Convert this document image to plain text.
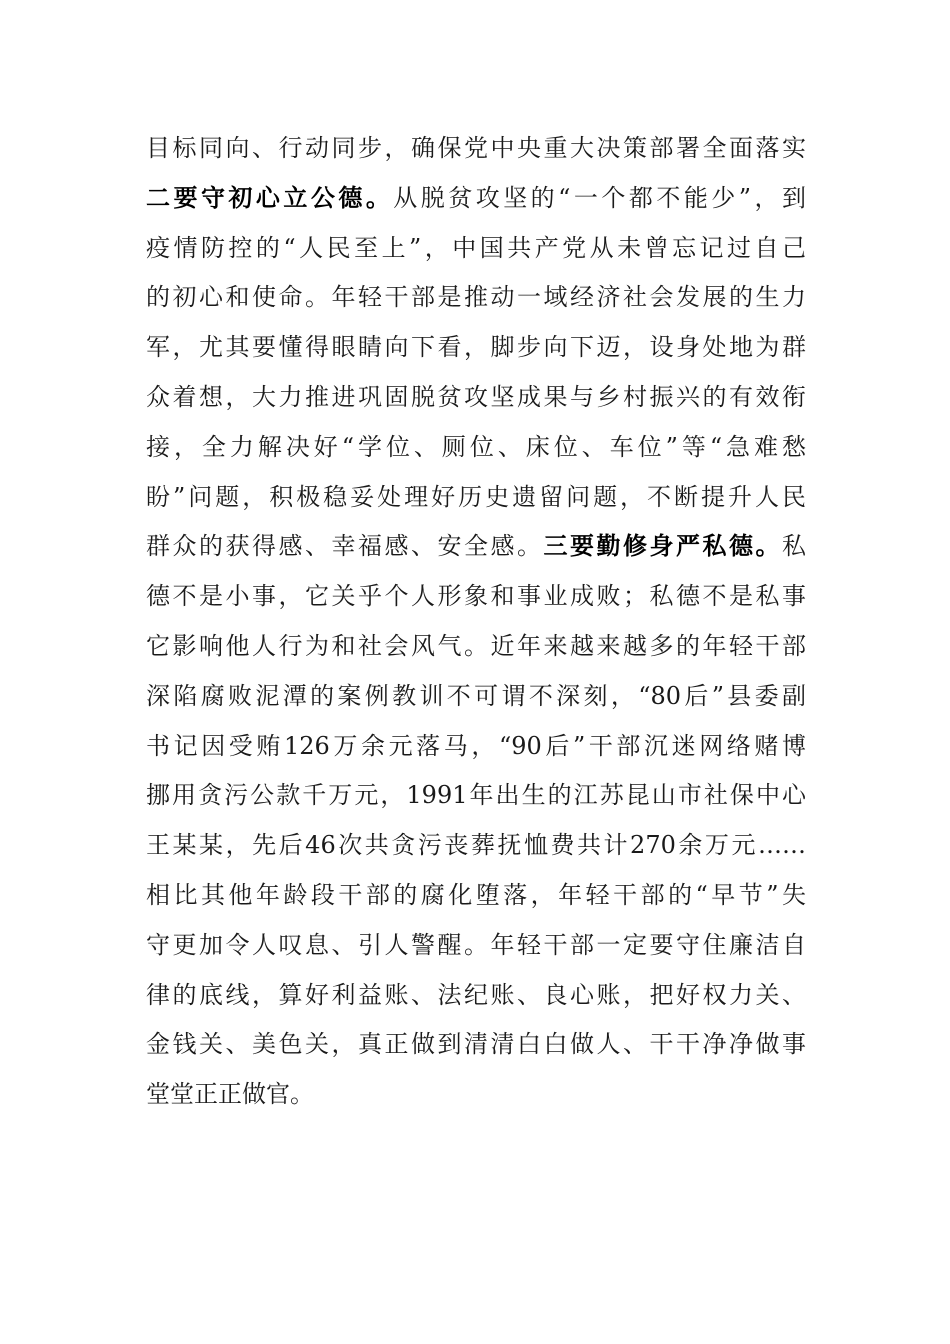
目标同向、行动同步，确保党中央重大决策部署全面落实
二要守初心立公德。从脱贫攻坚的“一个都不能少”，到
疫情防控的“人民至上”，中国共产党从未曾忘记过自己
的初心和使命。年轻干部是推动一域经济社会发展的生力
军，尤其要懂得眼睛向下看，脚步向下迈，设身处地为群
众着想，大力推进巩固脱贫攻坚成果与乡村振兴的有效衔
接，全力解决好“学位、厕位、床位、车位”等“急难愁
盼”问题，积极稳妥处理好历史遗留问题，不断提升人民
群众的获得感、幸福感、安全感。三要勤修身严私德。私
德不是小事，它关乎个人形象和事业成败；私德不是私事
它影响他人行为和社会风气。近年来越来越多的年轻干部
深陷腐败泥潭的案例教训不可谓不深刻，“80后”县委副
书记因受贿126万余元落马，“90后”干部沉迷网络赌博
挪用贪污公款千万元，1991年出生的江苏昆山市社保中心
王某某，先后46次共贪污丧葬抚恤费共计270余万元……
相比其他年龄段干部的腐化堕落，年轻干部的“早节”失
守更加令人叹息、引人警醒。年轻干部一定要守住廉洁自
律的底线，算好利益账、法纪账、良心账，把好权力关、
金钱关、美色关，真正做到清清白白做人、干干净净做事
堂堂正正做官。
